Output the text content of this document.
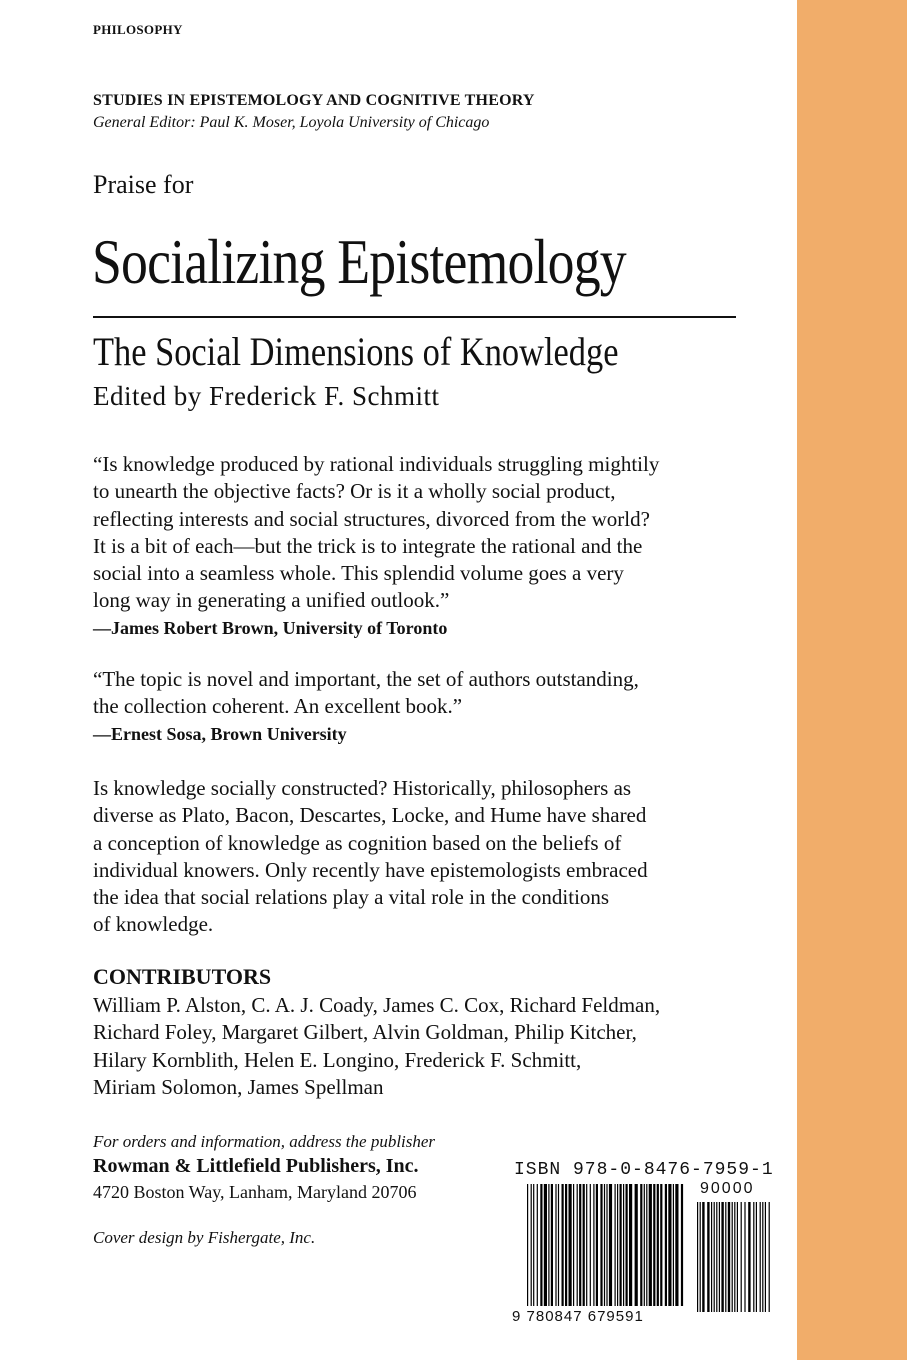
PHILOSOPHY
STUDIES IN EPISTEMOLOGY AND COGNITIVE THEORY
General Editor: Paul K. Moser, Loyola University of Chicago
Praise for
Socializing Epistemology
The Social Dimensions of Knowledge
Edited by Frederick F. Schmitt
“Is knowledge produced by rational individuals struggling mightily
to unearth the objective facts? Or is it a wholly social product,
reflecting interests and social structures, divorced from the world?
It is a bit of each—but the trick is to integrate the rational and the
social into a seamless whole. This splendid volume goes a very
long way in generating a unified outlook.”
—James Robert Brown, University of Toronto
“The topic is novel and important, the set of authors outstanding,
the collection coherent. An excellent book.”
—Ernest Sosa, Brown University
Is knowledge socially constructed? Historically, philosophers as
diverse as Plato, Bacon, Descartes, Locke, and Hume have shared
a conception of knowledge as cognition based on the beliefs of
individual knowers. Only recently have epistemologists embraced
the idea that social relations play a vital role in the conditions
of knowledge.
CONTRIBUTORS
William P. Alston, C. A. J. Coady, James C. Cox, Richard Feldman,
Richard Foley, Margaret Gilbert, Alvin Goldman, Philip Kitcher,
Hilary Kornblith, Helen E. Longino, Frederick F. Schmitt,
Miriam Solomon, James Spellman
For orders and information, address the publisher
Rowman & Littlefield Publishers, Inc.
4720 Boston Way, Lanham, Maryland 20706
Cover design by Fishergate, Inc.
ISBN 978-0-8476-7959-1
90000
9 780847 679591
